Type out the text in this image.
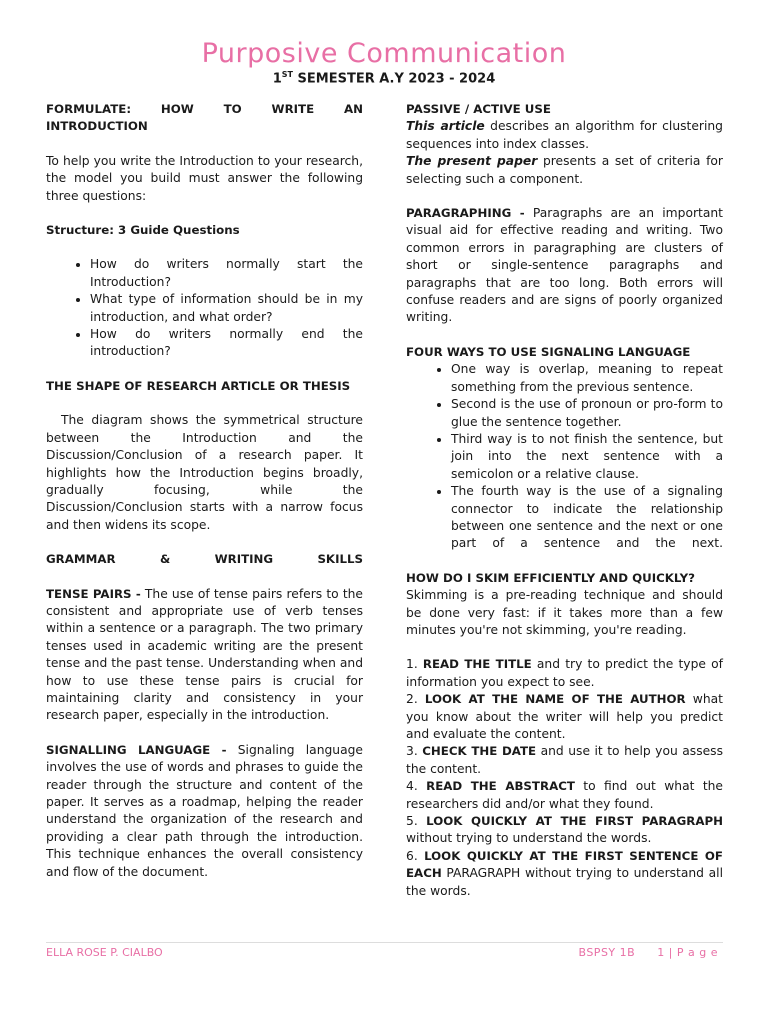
Purposive Communication
1ST SEMESTER A.Y 2023 - 2024

FORMULATE: HOW TO WRITE AN INTRODUCTION

To help you write the Introduction to your research, the model you build must answer the following three questions:

Structure: 3 Guide Questions

• How do writers normally start the Introduction?
• What type of information should be in my introduction, and what order?
• How do writers normally end the introduction?

THE SHAPE OF RESEARCH ARTICLE OR THESIS

The diagram shows the symmetrical structure between the Introduction and the Discussion/Conclusion of a research paper. It highlights how the Introduction begins broadly, gradually focusing, while the Discussion/Conclusion starts with a narrow focus and then widens its scope.

GRAMMAR & WRITING SKILLS

TENSE PAIRS - The use of tense pairs refers to the consistent and appropriate use of verb tenses within a sentence or a paragraph. The two primary tenses used in academic writing are the present tense and the past tense. Understanding when and how to use these tense pairs is crucial for maintaining clarity and consistency in your research paper, especially in the introduction.

SIGNALLING LANGUAGE - Signaling language involves the use of words and phrases to guide the reader through the structure and content of the paper. It serves as a roadmap, helping the reader understand the organization of the research and providing a clear path through the introduction. This technique enhances the overall consistency and flow of the document.

PASSIVE / ACTIVE USE

This article describes an algorithm for clustering sequences into index classes.

The present paper presents a set of criteria for selecting such a component.

PARAGRAPHING - Paragraphs are an important visual aid for effective reading and writing. Two common errors in paragraphing are clusters of short or single-sentence paragraphs and paragraphs that are too long. Both errors will confuse readers and are signs of poorly organized writing.

FOUR WAYS TO USE SIGNALING LANGUAGE

• One way is overlap, meaning to repeat something from the previous sentence.
• Second is the use of pronoun or pro-form to glue the sentence together.
• Third way is to not finish the sentence, but join into the next sentence with a semicolon or a relative clause.
• The fourth way is the use of a signaling connector to indicate the relationship between one sentence and the next or one part of a sentence and the next.

HOW DO I SKIM EFFICIENTLY AND QUICKLY?

Skimming is a pre-reading technique and should be done very fast: if it takes more than a few minutes you're not skimming, you're reading.

1. READ THE TITLE and try to predict the type of information you expect to see.

2. LOOK AT THE NAME OF THE AUTHOR what you know about the writer will help you predict and evaluate the content.

3. CHECK THE DATE and use it to help you assess the content.

4. READ THE ABSTRACT to find out what the researchers did and/or what they found.

5. LOOK QUICKLY AT THE FIRST PARAGRAPH without trying to understand the words.

6. LOOK QUICKLY AT THE FIRST SENTENCE OF EACH PARAGRAPH without trying to understand all the words.

ELLA ROSE P. CIALBO	BSPSY 1B 1 | P a g e
